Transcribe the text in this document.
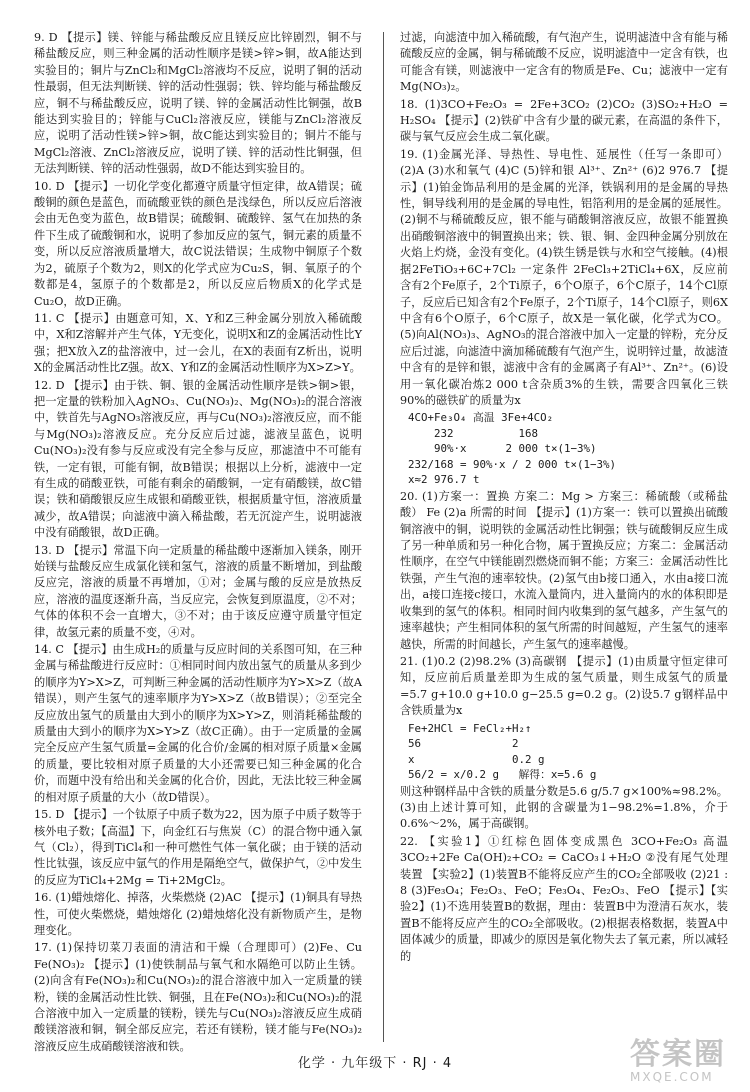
9. D 【提示】镁、锌能与稀盐酸反应且镁反应比锌剧烈，铜不与稀盐酸反应，则三种金属的活动性顺序是镁>锌>铜，故A能达到实验目的；铜片与ZnCl₂和MgCl₂溶液均不反应，说明了铜的活动性最弱，但无法判断镁、锌的活动性强弱；铁、锌均能与稀盐酸反应，铜不与稀盐酸反应，说明了镁、锌的金属活动性比铜强，故B能达到实验目的；锌能与CuCl₂溶液反应，镁能与ZnCl₂溶液反应，说明了活动性镁>锌>铜，故C能达到实验目的；铜片不能与MgCl₂溶液、ZnCl₂溶液反应，说明了镁、锌的活动性比铜强，但无法判断镁、锌的活动性强弱，故D不能达到实验目的。

10. D 【提示】一切化学变化都遵守质量守恒定律，故A错误；硫酸铜的颜色是蓝色，而硫酸亚铁的颜色是浅绿色，所以反应后溶液会由无色变为蓝色，故B错误；硫酸铜、硫酸锌、氢气在加热的条件下生成了硫酸铜和水，说明了参加反应的氢气，铜元素的质量不变，所以反应溶液质量增大，故C说法错误；生成物中铜原子个数为2，硫原子个数为2，则X的化学式应为Cu₂S，铜、氧原子的个数都是4，氢原子的个数都是2，所以反应后物质X的化学式是Cu₂O，故D正确。

11. C 【提示】由题意可知，X、Y和Z三种金属分别放入稀硫酸中，X和Z溶解并产生气体，Y无变化，说明X和Z的金属活动性比Y强；把X放入Z的盐溶液中，过一会儿，在X的表面有Z析出，说明X的金属活动性比Z强。故X、Y和Z的金属活动性顺序为X>Z>Y。

12. D 【提示】由于铁、铜、银的金属活动性顺序是铁>铜>银，把一定量的铁粉加入AgNO₃、Cu(NO₃)₂、Mg(NO₃)₂的混合溶液中，铁首先与AgNO₃溶液反应，再与Cu(NO₃)₂溶液反应，而不能与Mg(NO₃)₂溶液反应。充分反应后过滤，滤液呈蓝色，说明Cu(NO₃)₂没有参与反应或没有完全参与反应，那滤渣中不可能有铁，一定有银，可能有铜，故B错误；根据以上分析，滤液中一定有生成的硝酸亚铁，可能有剩余的硝酸铜，一定有硝酸镁，故C错误；铁和硝酸银反应生成银和硝酸亚铁，根据质量守恒，溶液质量减少，故A错误；向滤液中滴入稀盐酸，若无沉淀产生，说明滤液中没有硝酸银，故D正确。

13. D 【提示】常温下向一定质量的稀盐酸中逐渐加入镁条，刚开始镁与盐酸反应生成氯化镁和氢气，溶液的质量不断增加，到盐酸反应完，溶液的质量不再增加，①对；金属与酸的反应是放热反应，溶液的温度逐渐升高，当反应完，会恢复到原温度，②不对；气体的体积不会一直增大，③不对；由于该反应遵守质量守恒定律，故氢元素的质量不变，④对。

14. C 【提示】由生成H₂的质量与反应时间的关系图可知，在三种金属与稀盐酸进行反应时：①相同时间内放出氢气的质量从多到少的顺序为Y>X>Z，可判断三种金属的活动性顺序为Y>X>Z（故A错误），则产生氢气的速率顺序为Y>X>Z（故B错误）；②至完全反应放出氢气的质量由大到小的顺序为X>Y>Z，则消耗稀盐酸的质量由大到小的顺序为X>Y>Z（故C正确）。由于一定质量的金属完全反应产生氢气质量=金属的化合价/金属的相对原子质量×金属的质量，要比较相对原子质量的大小还需要已知三种金属的化合价，而题中没有给出和关金属的化合价，因此，无法比较三种金属的相对原子质量的大小（故D错误）。

15. D 【提示】一个钛原子中质子数为22，因为原子中质子数等于核外电子数；【高温】下，向金红石与焦炭（C）的混合物中通入氯气（Cl₂），得到TiCl₄和一种可燃性气体一氧化碳；由于镁的活动性比钛强，该反应中氩气的作用是隔绝空气，做保护气，②中发生的反应为TiCl₄+2Mg = Ti+2MgCl₂。

16. (1)蜡烛熔化、掉落，火柴燃烧 (2)AC 【提示】(1)铜具有导热性，可使火柴燃烧，蜡烛熔化 (2)蜡烛熔化没有新物质产生，是物理变化。

17. (1)保持切菜刀表面的清洁和干燥（合理即可）(2)Fe、Cu Fe(NO₃)₂ 【提示】(1)使铁制品与氧气和水隔绝可以防止生锈。(2)向含有Fe(NO₃)₂和Cu(NO₃)₂的混合溶液中加入一定质量的镁粉，镁的金属活动性比铁、铜强，且在Fe(NO₃)₂和Cu(NO₃)₂的混合溶液中加入一定质量的镁粉，镁先与Cu(NO₃)₂溶液反应生成硝酸镁溶液和铜，铜全部反应完，若还有镁粉，镁才能与Fe(NO₃)₂溶液反应生成硝酸镁溶液和铁。

过滤，向滤渣中加入稀硫酸，有气泡产生，说明滤渣中含有能与稀硫酸反应的金属，铜与稀硫酸不反应，说明滤渣中一定含有铁，也可能含有镁，则滤液中一定含有的物质是Fe、Cu；滤液中一定有Mg(NO₃)₂。

18. (1)3CO+Fe₂O₃ = 2Fe+3CO₂ (2)CO₂ (3)SO₂+H₂O = H₂SO₄ 【提示】(2)铁矿中含有少量的碳元素，在高温的条件下，碳与氧气反应会生成二氧化碳。

19. (1)金属光泽、导热性、导电性、延展性（任写一条即可）(2)A (3)水和氧气 (4)C (5)锌和银 Al³⁺、Zn²⁺ (6)2 976.7 【提示】(1)铂金饰品利用的是金属的光泽，铁锅利用的是金属的导热性，铜导线利用的是金属的导电性，铝箔利用的是金属的延展性。(2)铜不与稀硫酸反应，银不能与硝酸铜溶液反应，故银不能置换出硝酸铜溶液中的铜置换出来；铁、银、铜、金四种金属分别放在火焰上灼烧，金没有变化。(4)铁生锈是铁与水和空气接触。(4)根据2FeTiO₃+6C+7Cl₂ 一定条件 2FeCl₃+2TiCl₄+6X，反应前含有2个Fe原子，2个Ti原子，6个O原子，6个C原子，14个Cl原子，反应后已知含有2个Fe原子，2个Ti原子，14个Cl原子，则6X中含有6个O原子，6个C原子，故X是一氧化碳，化学式为CO。(5)向Al(NO₃)₃、AgNO₃的混合溶液中加入一定量的锌粉，充分反应后过滤，向滤渣中滴加稀硫酸有气泡产生，说明锌过量，故滤渣中含有的是锌和银，滤液中含有的金属离子有Al³⁺、Zn²⁺。(6)设用一氧化碳冶炼2 000 t含杂质3%的生铁，需要含四氧化三铁90%的磁铁矿的质量为x

4CO+Fe₃O₄ 高温 3Fe+4CO₂
232          168
90%·x      2 000 t×(1−3%)
232/168 = 90%·x / 2 000 t×(1−3%)
x≈2 976.7 t

20. (1)方案一：置换 方案二：Mg > 方案三：稀硫酸（或稀盐酸） Fe (2)a 所需的时间 【提示】(1)方案一：铁可以置换出硫酸铜溶液中的铜，说明铁的金属活动性比铜强；铁与硫酸铜反应生成了另一种单质和另一种化合物，属于置换反应；方案二：金属活动性顺序，在空气中镁能剧烈燃烧而铜不能；方案三：金属活动性比铁强，产生气泡的速率较快。(2)氢气由b接口通入，水由a接口流出，a接口连接c接口，水流入量筒内，进入量筒内的水的体积即是收集到的氢气的体积。相同时间内收集到的氢气越多，产生氢气的速率越快；产生相同体积的氢气所需的时间越短，产生氢气的速率越快，所需的时间越长，产生氢气的速率越慢。

21. (1)0.2 (2)98.2% (3)高碳钢 【提示】(1)由质量守恒定律可知，反应前后质量差即为生成的氢气质量，则生成氢气的质量=5.7 g+10.0 g+10.0 g−25.5 g=0.2 g。(2)设5.7 g钢样品中含铁质量为x

Fe+2HCl = FeCl₂+H₂↑
56              2
x               0.2 g
56/2 = x/0.2 g   解得：x=5.6 g

则这种钢样品中含铁的质量分数是5.6 g/5.7 g×100%≈98.2%。(3)由上述计算可知，此钢的含碳量为1−98.2%=1.8%，介于0.6%～2%，属于高碳钢。

22. 【实验1】①红棕色固体变成黑色 3CO+Fe₂O₃ 高温 3CO₂+2Fe Ca(OH)₂+CO₂ = CaCO₃↓+H₂O ②没有尾气处理装置 【实验2】(1)装置B不能将反应产生的CO₂全部吸收 (2)21 : 8 (3)Fe₃O₄；Fe₂O₃、FeO；Fe₃O₄、Fe₂O₃、FeO 【提示】【实验2】(1)不选用装置B的数据，理由：装置B中为澄清石灰水，装置B不能将反应产生的CO₂全部吸收。(2)根据表格数据，装置A中固体减少的质量，即减少的原因是氧化物失去了氧元素，所以减轻的

化学 · 九年级下 · RJ · 4	答案圈
MXQE.COM
